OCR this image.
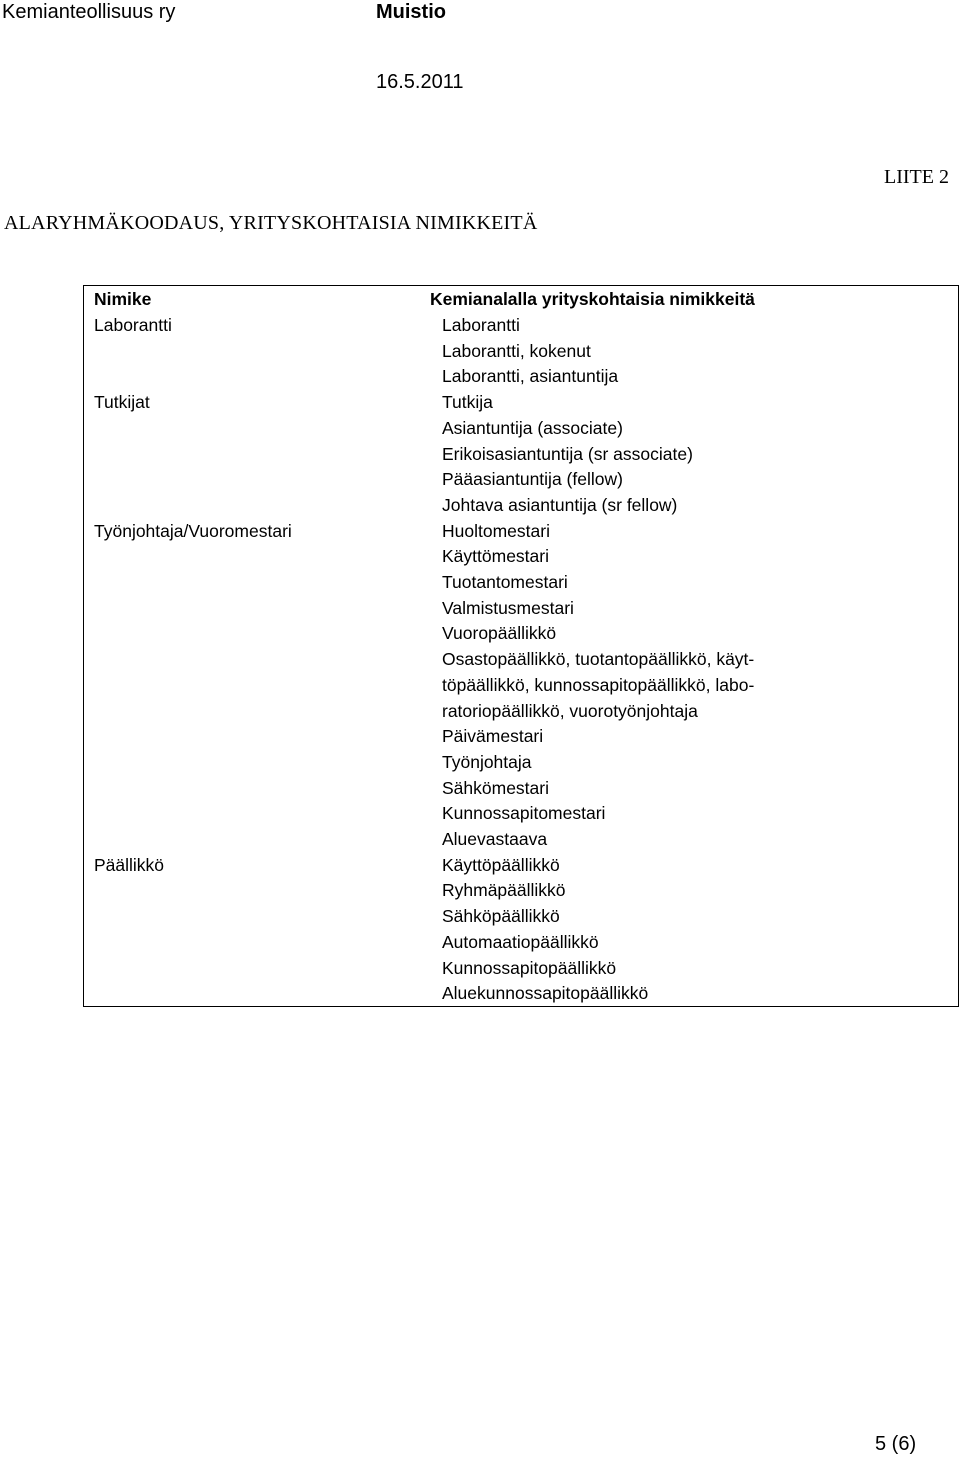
Kemianteollisuus ry	Muistio
16.5.2011
LIITE 2
ALARYHMÄKOODAUS, YRITYSKOHTAISIA NIMIKKEITÄ
Nimike	Kemianalalla yrityskohtaisia nimikkeitä
Laborantti
Tutkijat
Työnjohtaja/Vuoromestari
Päällikkö
Laborantti
Laborantti, kokenut
Laborantti, asiantuntija
Tutkija
Asiantuntija (associate)
Erikoisasiantuntija (sr associate)
Pääasiantuntija (fellow)
Johtava asiantuntija (sr fellow)
Huoltomestari
Käyttömestari
Tuotantomestari
Valmistusmestari
Vuoropäällikkö
Osastopäällikkö, tuotantopäällikkö, käyt-
töpäällikkö, kunnossapitopäällikkö, labo-
ratoriopäällikkö, vuorotyönjohtaja
Päivämestari
Työnjohtaja
Sähkömestari
Kunnossapitomestari
Aluevastaava
Käyttöpäällikkö
Ryhmäpäällikkö
Sähköpäällikkö
Automaatiopäällikkö
Kunnossapitopäällikkö
Aluekunnossapitopäällikkö
5 (6)
